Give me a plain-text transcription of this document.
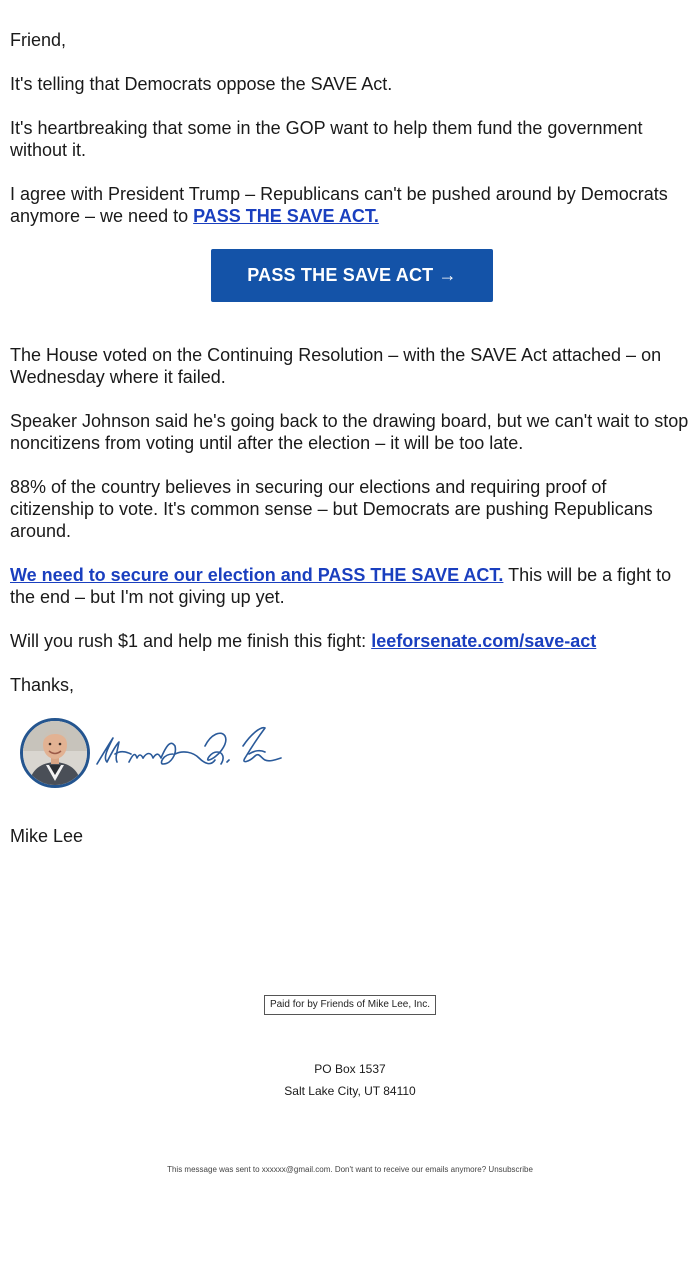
Friend,

It's telling that Democrats oppose the SAVE Act.

It's heartbreaking that some in the GOP want to help them fund the government without it.

I agree with President Trump – Republicans can't be pushed around by Democrats anymore – we need to PASS THE SAVE ACT.

PASS THE SAVE ACT →

The House voted on the Continuing Resolution – with the SAVE Act attached – on Wednesday where it failed.

Speaker Johnson said he's going back to the drawing board, but we can't wait to stop noncitizens from voting until after the election – it will be too late.

88% of the country believes in securing our elections and requiring proof of citizenship to vote. It's common sense – but Democrats are pushing Republicans around.

We need to secure our election and PASS THE SAVE ACT. This will be a fight to the end – but I'm not giving up yet.

Will you rush $1 and help me finish this fight: leeforsenate.com/save-act

Thanks,

Mike Lee

Paid for by Friends of Mike Lee, Inc.
PO Box 1537
Salt Lake City, UT 84110
This message was sent to xxxxxx@gmail.com. Don't want to receive our emails anymore? Unsubscribe
